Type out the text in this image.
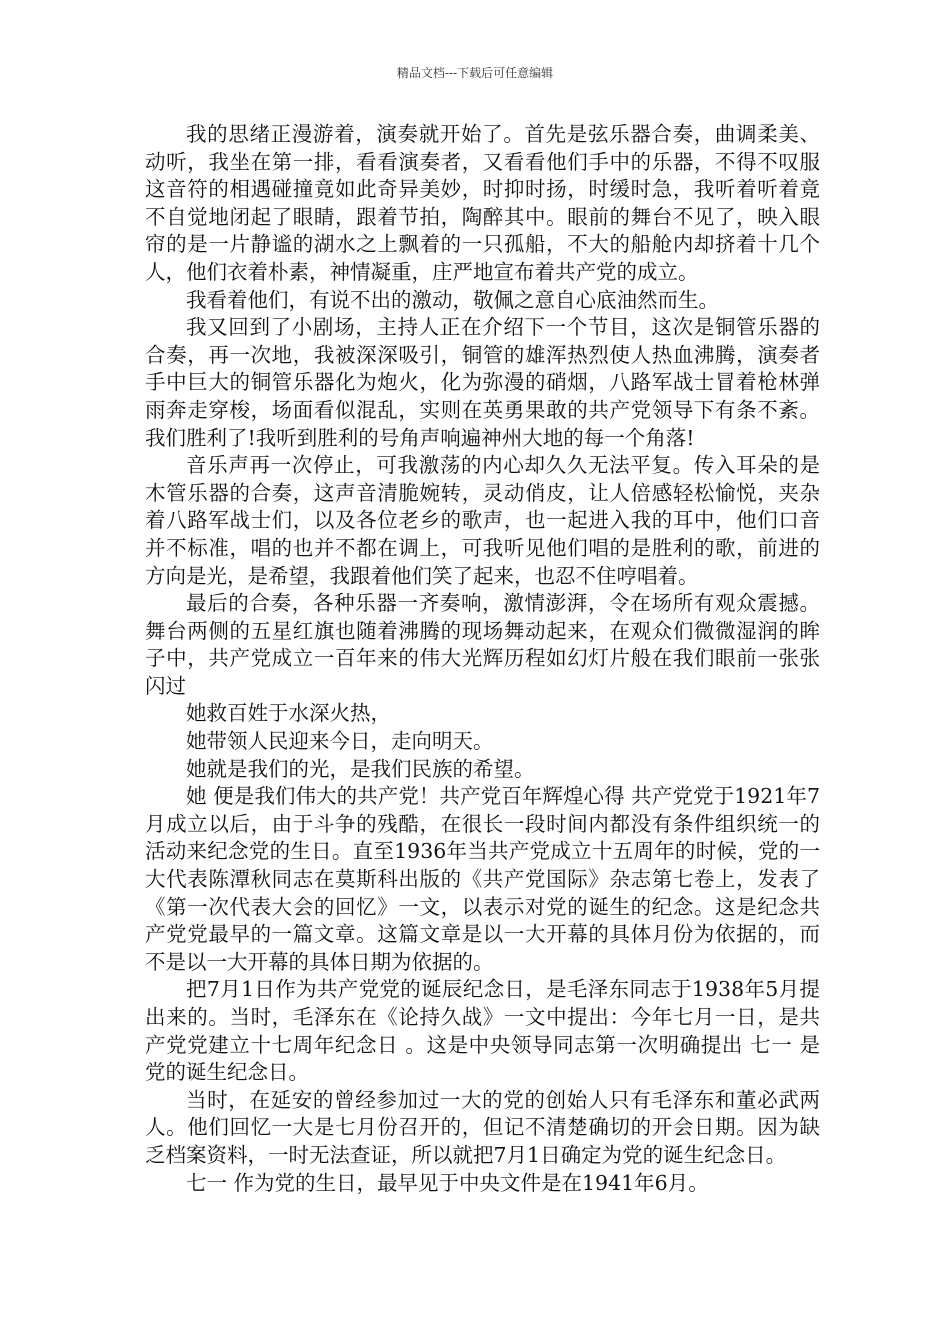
精品文档---下载后可任意编辑

我的思绪正漫游着，演奏就开始了。首先是弦乐器合奏，曲调柔美、动听，我坐在第一排，看看演奏者，又看看他们手中的乐器，不得不叹服这音符的相遇碰撞竟如此奇异美妙，时抑时扬，时缓时急，我听着听着竟不自觉地闭起了眼睛，跟着节拍，陶醉其中。眼前的舞台不见了，映入眼帘的是一片静谧的湖水之上飘着的一只孤船，不大的船舱内却挤着十几个人，他们衣着朴素，神情凝重，庄严地宣布着共产党的成立。

我看着他们，有说不出的激动，敬佩之意自心底油然而生。

我又回到了小剧场，主持人正在介绍下一个节目，这次是铜管乐器的合奏，再一次地，我被深深吸引，铜管的雄浑热烈使人热血沸腾，演奏者手中巨大的铜管乐器化为炮火，化为弥漫的硝烟，八路军战士冒着枪林弹雨奔走穿梭，场面看似混乱，实则在英勇果敢的共产党领导下有条不紊。我们胜利了!我听到胜利的号角声响遍神州大地的每一个角落!

音乐声再一次停止，可我激荡的内心却久久无法平复。传入耳朵的是木管乐器的合奏，这声音清脆婉转，灵动俏皮，让人倍感轻松愉悦，夹杂着八路军战士们，以及各位老乡的歌声，也一起进入我的耳中，他们口音并不标准，唱的也并不都在调上，可我听见他们唱的是胜利的歌，前进的方向是光，是希望，我跟着他们笑了起来，也忍不住哼唱着。

最后的合奏，各种乐器一齐奏响，激情澎湃，令在场所有观众震撼。舞台两侧的五星红旗也随着沸腾的现场舞动起来，在观众们微微湿润的眸子中，共产党成立一百年来的伟大光辉历程如幻灯片般在我们眼前一张张闪过

她救百姓于水深火热，

她带领人民迎来今日，走向明天。

她就是我们的光，是我们民族的希望。

她 便是我们伟大的共产党！共产党百年辉煌心得 共产党党于1921年7月成立以后，由于斗争的残酷，在很长一段时间内都没有条件组织统一的活动来纪念党的生日。直至1936年当共产党成立十五周年的时候，党的一大代表陈潭秋同志在莫斯科出版的《共产党国际》杂志第七卷上，发表了《第一次代表大会的回忆》一文，以表示对党的诞生的纪念。这是纪念共产党党最早的一篇文章。这篇文章是以一大开幕的具体月份为依据的，而不是以一大开幕的具体日期为依据的。

把7月1日作为共产党党的诞辰纪念日，是毛泽东同志于1938年5月提出来的。当时，毛泽东在《论持久战》一文中提出：今年七月一日，是共产党党建立十七周年纪念日 。这是中央领导同志第一次明确提出 七一 是党的诞生纪念日。

当时，在延安的曾经参加过一大的党的创始人只有毛泽东和董必武两人。他们回忆一大是七月份召开的，但记不清楚确切的开会日期。因为缺乏档案资料，一时无法查证，所以就把7月1日确定为党的诞生纪念日。

七一 作为党的生日，最早见于中央文件是在1941年6月。
